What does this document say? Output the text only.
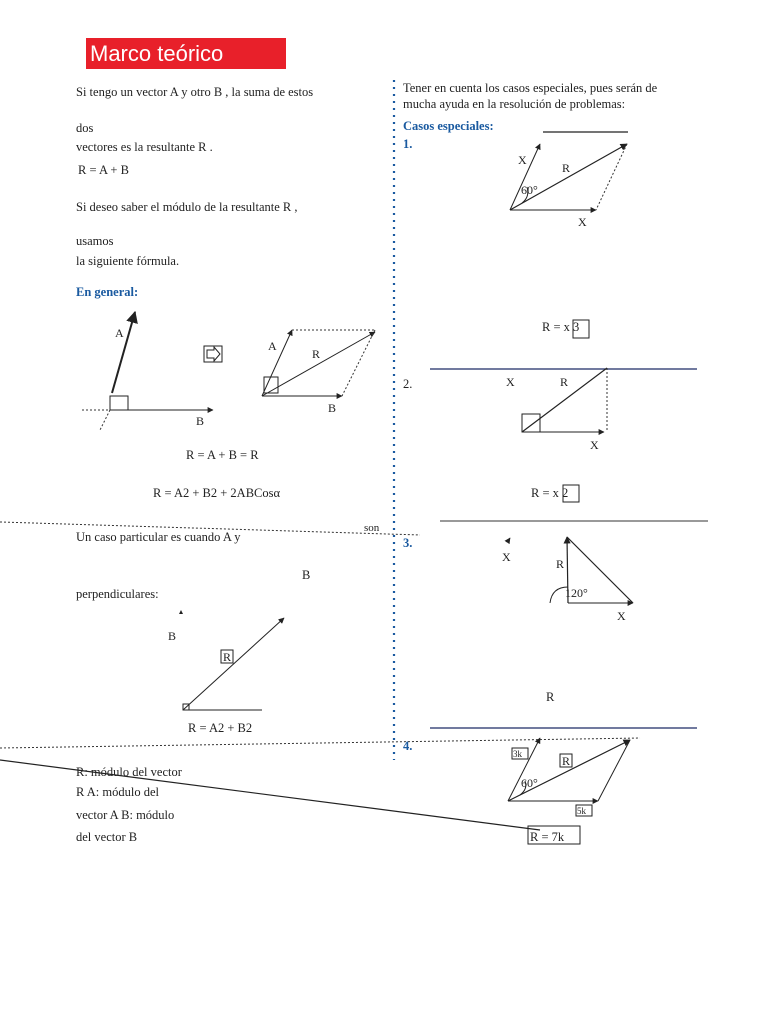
Marco teórico
Si tengo un vector A y otro B , la suma de estos
dos
vectores es la resultante R .
R = A + B
Si deseo saber el módulo de la resultante R ,
usamos
la siguiente fórmula.
En general:
R = A + B = R
R = A2 + B2 + 2ABCosα
Un caso particular es cuando A y
son
B
perpendiculares:
R = A2 + B2
R: módulo del vector
R A: módulo del
vector A B: módulo
del vector B
Tener en cuenta los casos especiales, pues serán de
mucha ayuda en la resolución de problemas:
Casos especiales:
1.
2.
3.
4.
R = x 3
R = x 2
R
R = 7k
A
B
A
R
B
B
R
X
R
60°
X
X	R
X
X	R
120°
X
3k	R
60°
5k
